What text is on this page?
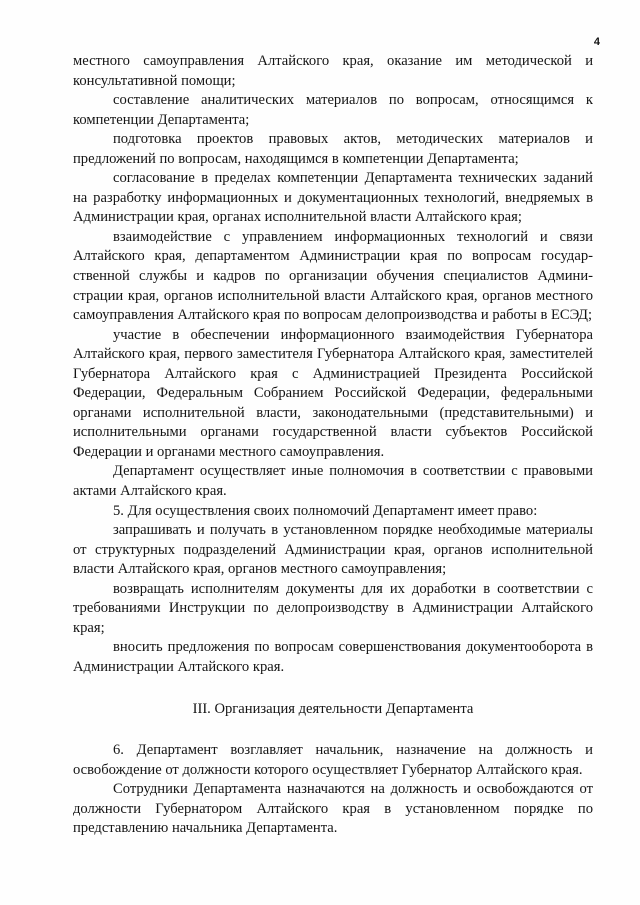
4

местного самоуправления Алтайского края, оказание им методической и консультативной помощи;

составление аналитических материалов по вопросам, относящимся к компетенции Департамента;

подготовка проектов правовых актов, методических материалов и предложений по вопросам, находящимся в компетенции Департамента;

согласование в пределах компетенции Департамента технических заданий на разработку информационных и документационных технологий, внедряемых в Администрации края, органах исполнительной власти Алтайского края;

взаимодействие с управлением информационных технологий и связи Алтайского края, департаментом Администрации края по вопросам государственной службы и кадров по организации обучения специалистов Администрации края, органов исполнительной власти Алтайского края, органов местного самоуправления Алтайского края по вопросам делопроизводства и работы в ЕСЭД;

участие в обеспечении информационного взаимодействия Губернатора Алтайского края, первого заместителя Губернатора Алтайского края, заместителей Губернатора Алтайского края с Администрацией Президента Российской Федерации, Федеральным Собранием Российской Федерации, федеральными органами исполнительной власти, законодательными (представительными) и исполнительными органами государственной власти субъектов Российской Федерации и органами местного самоуправления.

Департамент осуществляет иные полномочия в соответствии с правовыми актами Алтайского края.

5. Для осуществления своих полномочий Департамент имеет право:

запрашивать и получать в установленном порядке необходимые материалы от структурных подразделений Администрации края, органов исполнительной власти Алтайского края, органов местного самоуправления;

возвращать исполнителям документы для их доработки в соответствии с требованиями Инструкции по делопроизводству в Администрации Алтайского края;

вносить предложения по вопросам совершенствования документооборота в Администрации Алтайского края.

III. Организация деятельности Департамента

6. Департамент возглавляет начальник, назначение на должность и освобождение от должности которого осуществляет Губернатор Алтайского края.

Сотрудники Департамента назначаются на должность и освобождаются от должности Губернатором Алтайского края в установленном порядке по представлению начальника Департамента.
